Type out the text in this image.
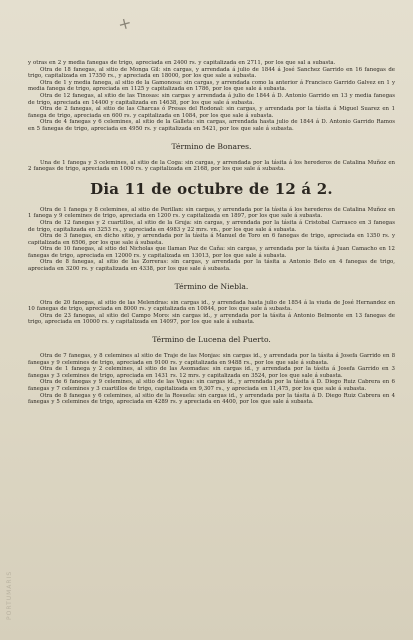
+
PORTUMARIS

y otras en 2 y media fanegas de trigo, apreciada en 2400 rs. y capitalizada en 2711, por los que sal a subasta.

Otra de 18 fanegas, al sitio de Monga Gil: sin cargas, y arrendada á julio de 1844 á José Sanchez Garrido en 16 fanegas de trigo, capitalizada en 17350 rs., y apreciada en 18000, por los que sale a subasta.

Otra de 1 y media fanega, al sitio de la Gamonosa: sin cargas, y arrendada como la anterior á Francisco Garrido Galvez en 1 y media fanega de trigo, apreciada en 1125 y capitalizada en 1786, por los que sale á subasta.

Otra de 12 fanegas, al sitio de las Tinosas: sin cargas y arrendada á julio de 1844 á D. Antonio Garrido en 13 y media fanegas de trigo, apreciada en 14400 y capitalizada en 14638, por los que sale á subasta.

Otra de 2 fanegas, al sitio de las Charcas ó Presas del Rodonal: sin cargas, y arrendada por la tásita á Miguel Suarez en 1 fanega de trigo, apreciada en 600 rs. y capitalizada en 1084, por los que sale á subasta.

Otra de 4 fanegas y 6 celemines, al sitio de la Galleta: sin cargas, arrendada hasta julio de 1844 á D. Antonio Garrido Ramos en 5 fanegas de trigo, apreciada en 4950 rs. y capitalizada en 5421, por los que sale á subasta.

Término de Bonares.

Una de 1 fanega y 3 celemines, al sitio de la Coga: sin cargas, y arrendada por la tásita á los herederos de Catalina Muñoz en 2 fanegas de trigo, apreciada en 1000 rs. y capitalizada en 2168, por los que sale á subasta.

Dia 11 de octubre de 12 á 2.

Otra de 1 fanega y 8 celemines, al sitio de Perillan: sin cargas, y arrendada por la tásita á los herederos de Catalina Muñoz en 1 fanega y 9 celemines de trigo, apreciada en 1200 rs. y capitalizada en 1897, por los que sale á subasta.

Otra de 12 fanegas y 2 cuartillos, al sitio de la Gruja: sin cargas, y arrendada por la tásita á Cristobal Carrasco en 3 fanegas de trigo, capitalizada en 3253 rs., y apreciada en 4983 y 22 mrs. vn., por los que sale á subasta.

Otra de 3 fanegas, en dicho sitio, y arrendada por la tásita á Manuel de Toro en 6 fanegas de trigo, apreciada en 1350 rs. y capitalizada en 6506, por los que sale á subasta.

Otra de 10 fanegas, al sitio del Nicholas que llaman Paz de Caña: sin cargas, y arrendada por la tásita á Juan Camacho en 12 fanegas de trigo, apreciada en 12000 rs. y capitalizada en 13013, por los que sale á subasta.

Otra de 8 fanegas, al sitio de las Zorreras: sin cargas, y arrendada por la tásita a Antonio Belo en 4 fanegas de trigo, apreciada en 3200 rs. y capitalizada en 4338, por los que sale á subasta.

Término de Niebla.

Otra de 20 fanegas, al sitio de las Melendras: sin cargas id., y arrendada hasta julio de 1854 á la viuda de José Hernandez en 10 fanegas de trigo, apreciada en 8000 rs. y capitalizada en 10844, por los que sale á subasta.

Otra de 23 fanegas, al sitio del Campo Moro: sin cargas id., y arrendada por la tásita á Antonio Belmonte en 13 fanegas de trigo, apreciada en 10000 rs. y capitalizada en 14097, por los que sale á subasta.

Término de Lucena del Puerto.

Otra de 7 fanegas, y 8 celemines al sitio de Traje de las Monjas: sin cargas id., y arrendada por la tásita á Josefa Garrido en 8 fanegas y 9 celemines de trigo, apreciada en 9100 rs. y capitalizada en 9488 rs., por los que sale á subasta.

Otra de 1 fanega y 2 celemines, al sitio de las Asomadas: sin cargas id., y arrendada por la tásita á Josefa Garrido en 3 fanegas y 3 celemines de trigo, apreciada en 1431 rs. 12 mrs. y capitalizada en 3524, por los que sale á subasta.

Otra de 6 fanegas y 9 celemines, al sitio de las Vegas: sin cargas id., y arrendada por la tásita á D. Diego Ruiz Cabrera en 6 fanegas y 7 celemines y 3 cuartillos de trigo, capitalizada en 9,307 rs., y apreciada en 11,475, por los que sale á subasta.

Otra de 8 fanegas y 6 celemines, al sitio de la Rosuela: sin cargas id., y arrendada por la tásita á D. Diego Ruiz Cabrera en 4 fanegas y 5 celemines de trigo, apreciada en 4289 rs. y apreciada en 4400, por los que sale á subasta.
